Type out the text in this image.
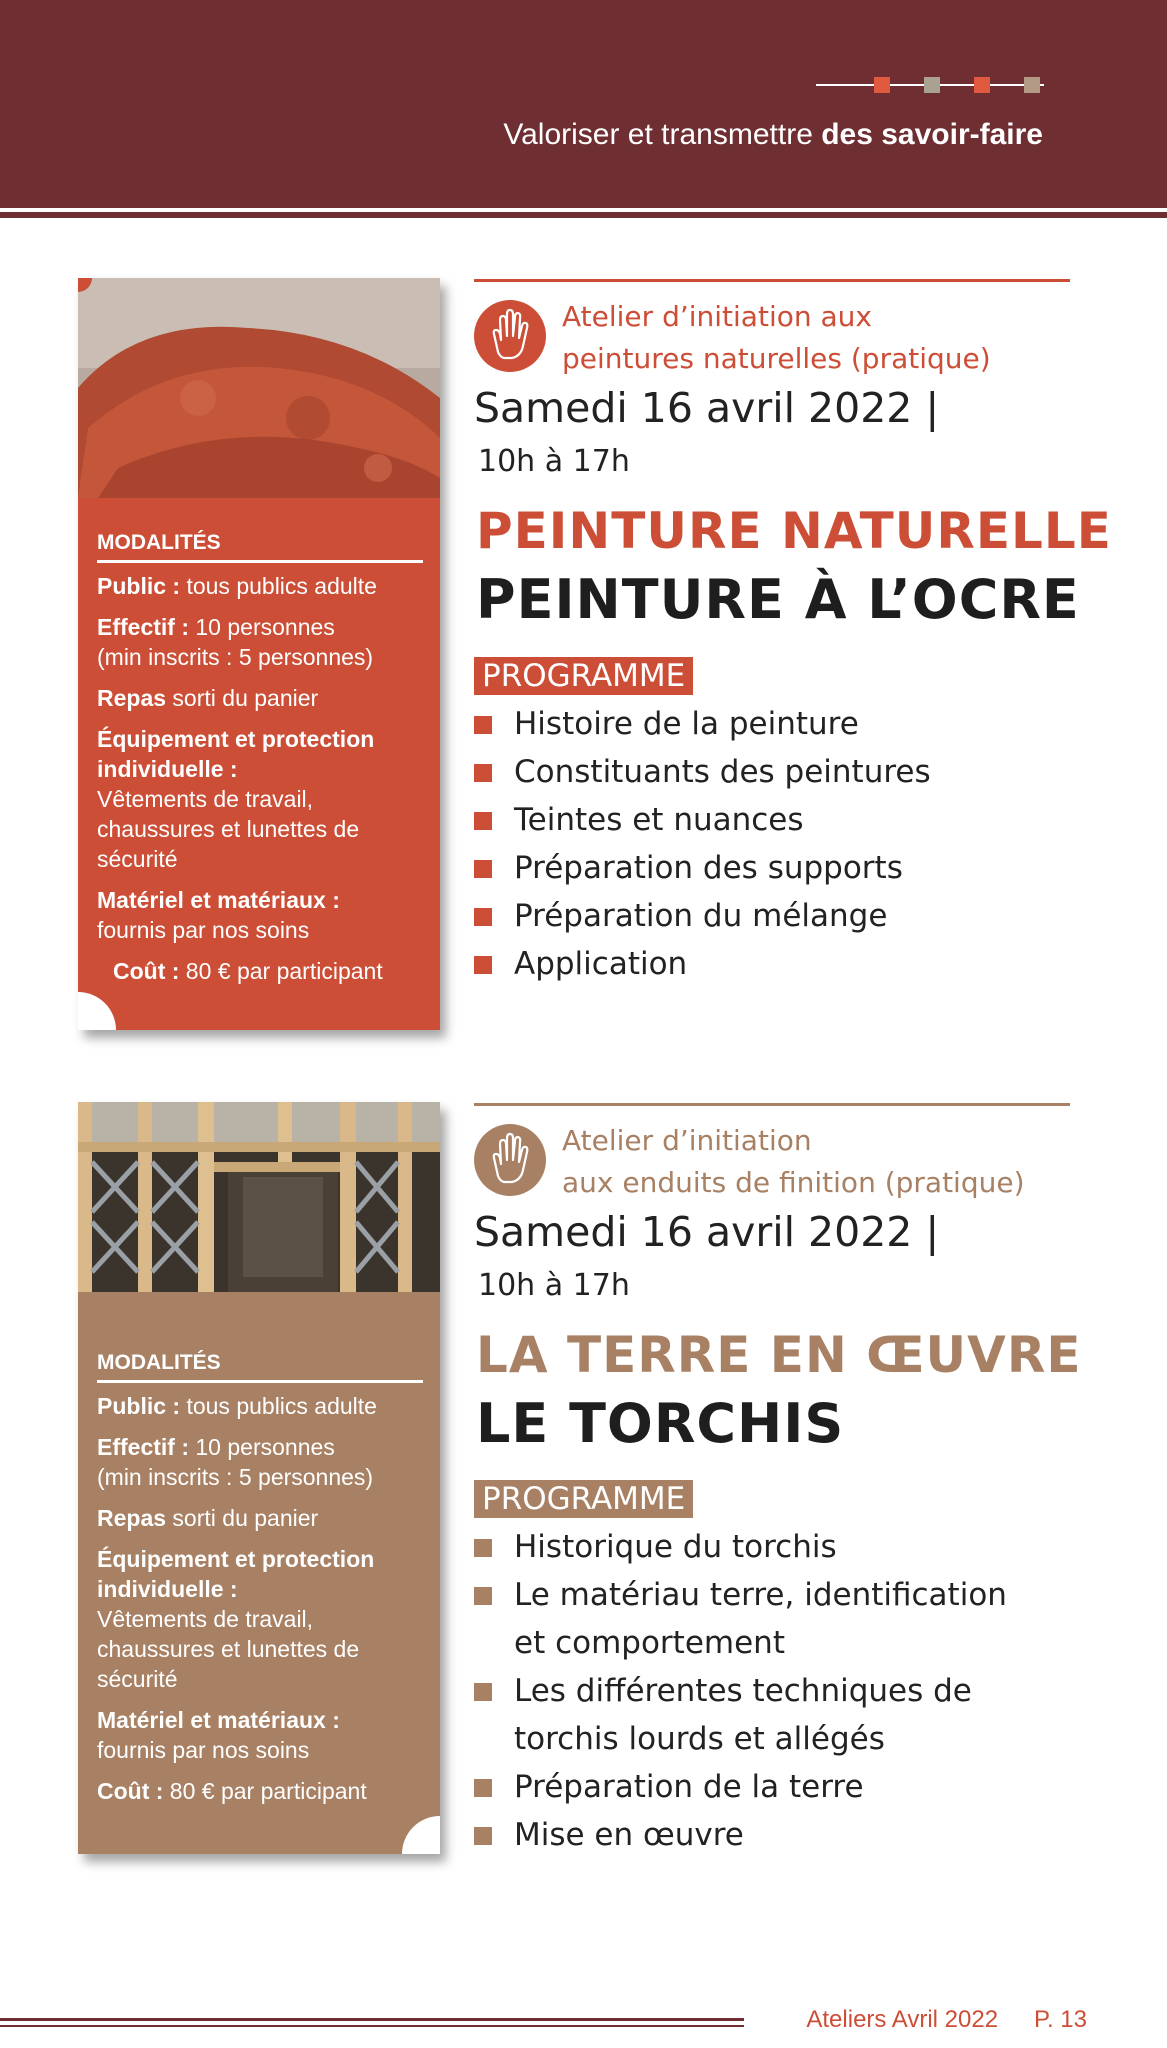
Valoriser et transmettre des savoir-faire
MODALITÉS
Public : tous publics adulte
Effectif : 10 personnes
(min inscrits : 5 personnes)
Repas sorti du panier
Équipement et protection
individuelle :
Vêtements de travail,
chaussures et lunettes de
sécurité
Matériel et matériaux :
fournis par nos soins
Coût : 80 € par participant
Atelier d’initiation aux
peintures naturelles (pratique)
Samedi 16 avril 2022 |
10h à 17h
PEINTURE NATURELLE
PEINTURE À L’OCRE
PROGRAMME
Histoire de la peinture
Constituants des peintures
Teintes et nuances
Préparation des supports
Préparation du mélange
Application
MODALITÉS
Public : tous publics adulte
Effectif : 10 personnes
(min inscrits : 5 personnes)
Repas sorti du panier
Équipement et protection
individuelle :
Vêtements de travail,
chaussures et lunettes de
sécurité
Matériel et matériaux :
fournis par nos soins
Coût : 80 € par participant
Atelier d’initiation
aux enduits de finition (pratique)
Samedi 16 avril 2022 |
10h à 17h
LA TERRE EN ŒUVRE
LE TORCHIS
PROGRAMME
Historique du torchis
Le matériau terre, identification
et comportement
Les différentes techniques de
torchis lourds et allégés
Préparation de la terre
Mise en œuvre
Ateliers Avril 2022 P. 13
